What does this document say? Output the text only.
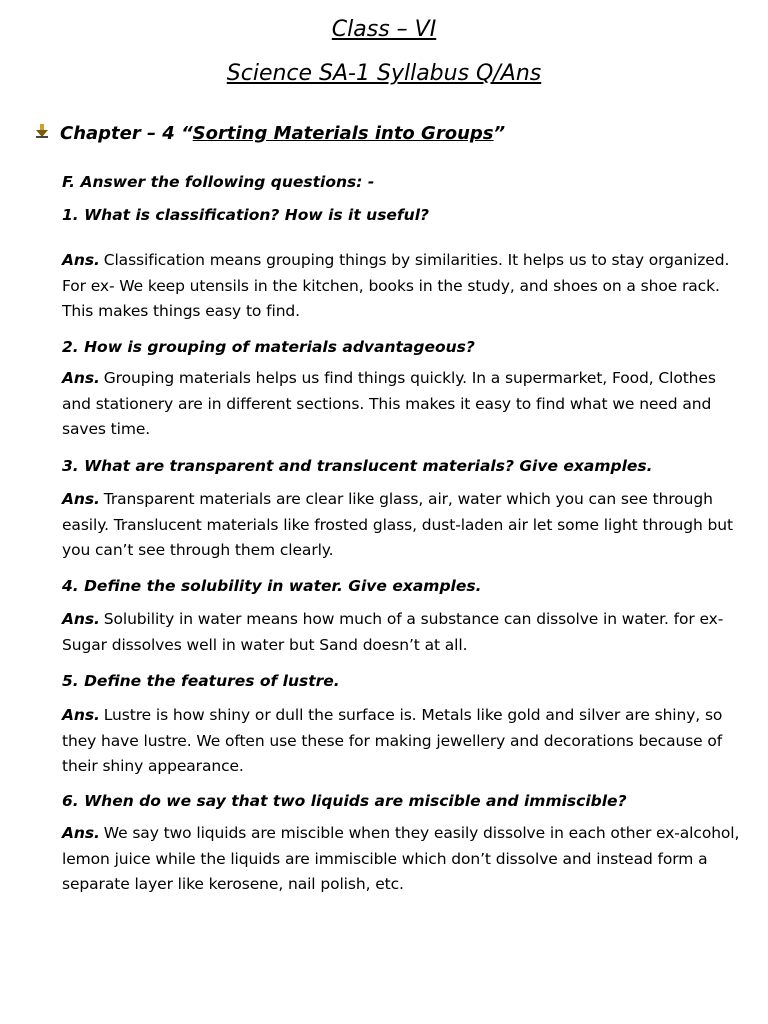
Class – VI
Science SA-1 Syllabus Q/Ans
Chapter – 4 “Sorting Materials into Groups”
F. Answer the following questions: -

1. What is classification? How is it useful?

Ans. Classification means grouping things by similarities. It helps us to stay organized. For ex- We keep utensils in the kitchen, books in the study, and shoes on a shoe rack. This makes things easy to find.

2. How is grouping of materials advantageous?

Ans. Grouping materials helps us find things quickly. In a supermarket, Food, Clothes and stationery are in different sections. This makes it easy to find what we need and saves time.

3. What are transparent and translucent materials? Give examples.

Ans. Transparent materials are clear like glass, air, water which you can see through easily. Translucent materials like frosted glass, dust-laden air let some light through but you can’t see through them clearly.

4. Define the solubility in water. Give examples.

Ans. Solubility in water means how much of a substance can dissolve in water. for ex- Sugar dissolves well in water but Sand doesn’t at all.

5. Define the features of lustre.

Ans. Lustre is how shiny or dull the surface is. Metals like gold and silver are shiny, so they have lustre. We often use these for making jewellery and decorations because of their shiny appearance.

6. When do we say that two liquids are miscible and immiscible?

Ans. We say two liquids are miscible when they easily dissolve in each other ex-alcohol, lemon juice while the liquids are immiscible which don’t dissolve and instead form a separate layer like kerosene, nail polish, etc.
